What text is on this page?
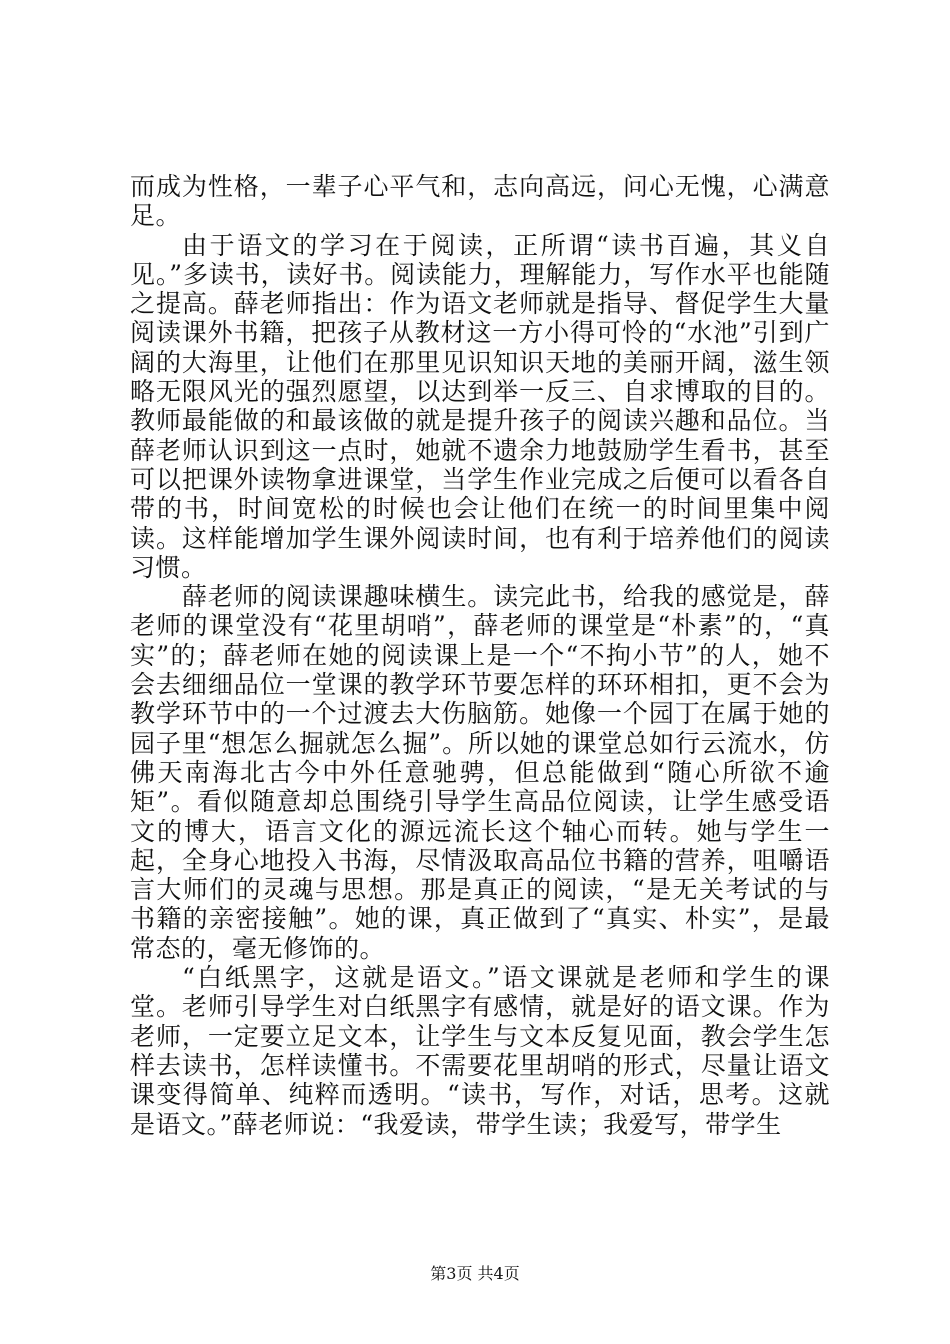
而成为性格，一辈子心平气和，志向高远，问心无愧，心满意足。

由于语文的学习在于阅读，正所谓“读书百遍，其义自见。”多读书，读好书。阅读能力，理解能力，写作水平也能随之提高。薛老师指出：作为语文老师就是指导、督促学生大量阅读课外书籍，把孩子从教材这一方小得可怜的“水池”引到广阔的大海里，让他们在那里见识知识天地的美丽开阔，滋生领略无限风光的强烈愿望，以达到举一反三、自求博取的目的。教师最能做的和最该做的就是提升孩子的阅读兴趣和品位。当薛老师认识到这一点时，她就不遗余力地鼓励学生看书，甚至可以把课外读物拿进课堂，当学生作业完成之后便可以看各自带的书，时间宽松的时候也会让他们在统一的时间里集中阅读。这样能增加学生课外阅读时间，也有利于培养他们的阅读习惯。

薛老师的阅读课趣味横生。读完此书，给我的感觉是，薛老师的课堂没有“花里胡哨”，薛老师的课堂是“朴素”的，“真实”的；薛老师在她的阅读课上是一个“不拘小节”的人，她不会去细细品位一堂课的教学环节要怎样的环环相扣，更不会为教学环节中的一个过渡去大伤脑筋。她像一个园丁在属于她的园子里“想怎么掘就怎么掘”。所以她的课堂总如行云流水，仿佛天南海北古今中外任意驰骋，但总能做到“随心所欲不逾矩”。看似随意却总围绕引导学生高品位阅读，让学生感受语文的博大，语言文化的源远流长这个轴心而转。她与学生一起，全身心地投入书海，尽情汲取高品位书籍的营养，咀嚼语言大师们的灵魂与思想。那是真正的阅读，“是无关考试的与书籍的亲密接触”。她的课，真正做到了“真实、朴实”，是最常态的，毫无修饰的。

“白纸黑字，这就是语文。”语文课就是老师和学生的课堂。老师引导学生对白纸黑字有感情，就是好的语文课。作为老师，一定要立足文本，让学生与文本反复见面，教会学生怎样去读书，怎样读懂书。不需要花里胡哨的形式，尽量让语文课变得简单、纯粹而透明。“读书，写作，对话，思考。这就是语文。”薛老师说：“我爱读，带学生读；我爱写，带学生

第3页 共4页
